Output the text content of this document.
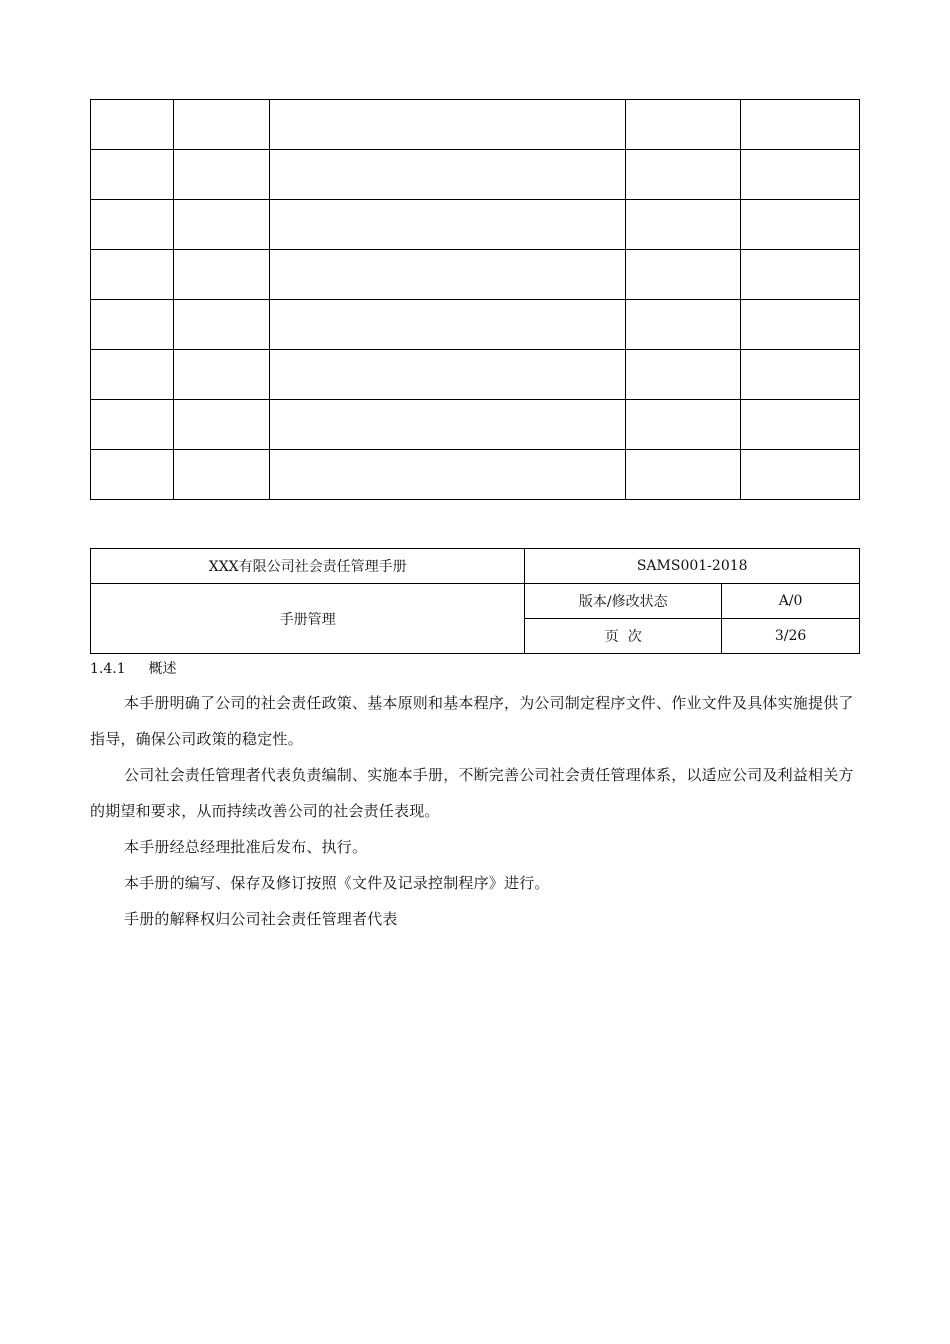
XXX有限公司社会责任管理手册	SAMS001-2018	
手册管理	版本/修改状态	A/0
	页  次	3/26
1.4.1 概述
本手册明确了公司的社会责任政策、基本原则和基本程序，为公司制定程序文件、作业文件及具体实施提供了指导，确保公司政策的稳定性。
公司社会责任管理者代表负责编制、实施本手册，不断完善公司社会责任管理体系，以适应公司及利益相关方的期望和要求，从而持续改善公司的社会责任表现。
本手册经总经理批准后发布、执行。
本手册的编写、保存及修订按照《文件及记录控制程序》进行。
手册的解释权归公司社会责任管理者代表
